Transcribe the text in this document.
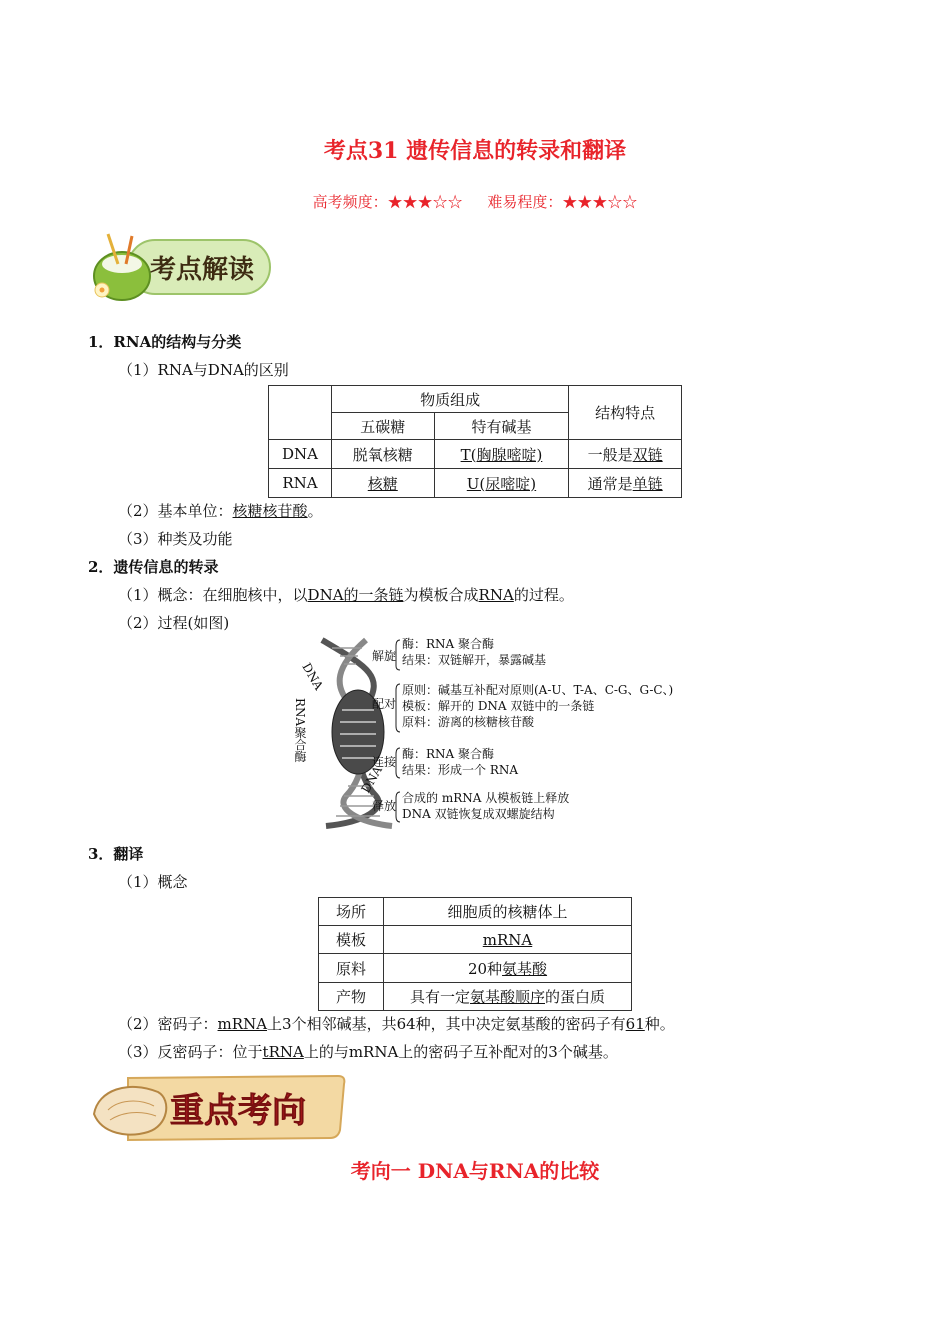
考点31 遗传信息的转录和翻译
高考频度：★★★☆☆ 难易程度：★★★☆☆
考点解读
1．RNA的结构与分类
（1）RNA与DNA的区别
	物质组成		结构特点
	五碳糖	特有碱基	
DNA	脱氧核糖	T(胸腺嘧啶)	一般是双链
RNA	核糖	U(尿嘧啶)	通常是单链
（2）基本单位：核糖核苷酸。
（3）种类及功能
2．遗传信息的转录
（1）概念：在细胞核中，以DNA的一条链为模板合成RNA的过程。
（2）过程(如图)
DNA
RNA聚合酶
DNA
解旋
酶：RNA 聚合酶
结果：双链解开，暴露碱基
配对
原则：碱基互补配对原则(A-U、T-A、C-G、G-C、)
模板：解开的 DNA 双链中的一条链
原料：游离的核糖核苷酸
连接
酶：RNA 聚合酶
结果：形成一个 RNA
释放
合成的 mRNA 从模板链上释放
DNA 双链恢复成双螺旋结构
3．翻译
（1）概念
场所	细胞质的核糖体上
模板	mRNA
原料	20种氨基酸
产物	具有一定氨基酸顺序的蛋白质
（2）密码子：mRNA上3个相邻碱基，共64种，其中决定氨基酸的密码子有61种。
（3）反密码子：位于tRNA上的与mRNA上的密码子互补配对的3个碱基。
重点考向
考向一 DNA与RNA的比较
